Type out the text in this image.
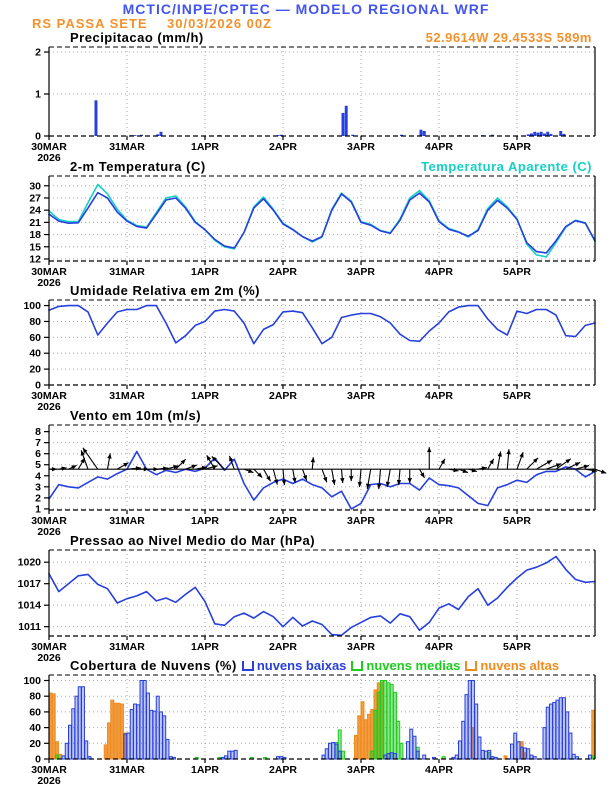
MCTIC/INPE/CPTEC — MODELO REGIONAL WRF
RS PASSA SETE 30/03/2026 00Z
52.9614W 29.4533S 589m
Precipitacao (mm/h)
2-m Temperatura (C)	Temperatura Aparente (C)
Umidade Relativa em 2m (%)
Vento em 10m (m/s)
Pressao ao Nivel Medio do Mar (hPa)
Cobertura de Nuvens (%)	nuvens baixas	nuvens medias	nuvens altas
0
1
2
30MAR
2026
31MAR	1APR	2APR	3APR	4APR	5APR
12
15
18
21
24
27
30
30MAR
2026
31MAR	1APR	2APR	3APR	4APR	5APR
0
20
40
60
80
100
30MAR
2026
31MAR	1APR	2APR	3APR	4APR	5APR
1
2
3
4
5
6
7
8
30MAR
2026
31MAR	1APR	2APR	3APR	4APR	5APR
1011
1014
1017
1020
30MAR
2026
31MAR	1APR	2APR	3APR	4APR	5APR
0
20
40
60
80
100
30MAR
2026
31MAR	1APR	2APR	3APR	4APR	5APR
